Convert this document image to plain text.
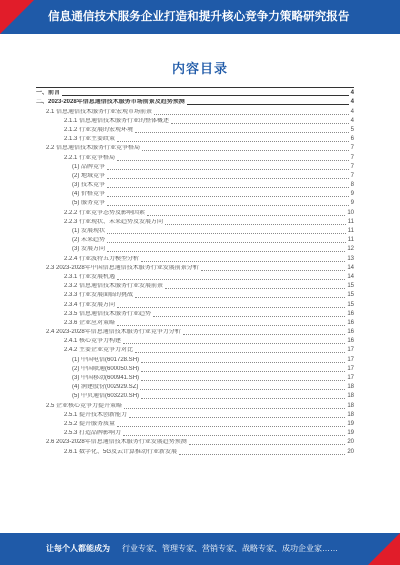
信息通信技术服务企业打造和提升核心竞争力策略研究报告
内容目录
一、前言	4
二、2023-2028年信息通信技术服务市场前景及趋势预测	4
2.1 信息通信技术服务行业宏观市场前景	4
2.1.1 信息通信技术服务行业的整体概述	4
2.1.2 行业发展的宏观环境	5
2.1.3 行业主要政策	6
2.2 信息通信技术服务行业竞争格局	7
2.2.1 行业竞争格局	7
(1) 品牌竞争	7
(2) 地域竞争	7
(3) 技术竞争	8
(4) 价格竞争	9
(5) 服务竞争	9
2.2.2 行业竞争态势及影响因素	10
2.2.3 行业现状、未来趋势及发展方向	11
(1) 发展现状	11
(2) 未来趋势	11
(3) 发展方向	12
2.2.4 行业波特五力模型分析	13
2.3 2023-2028年中国信息通信技术服务行业发展前景分析	14
2.3.1 行业发展机遇	14
2.3.2 信息通信技术服务行业发展前景	15
2.3.3 行业发展面临的挑战	15
2.3.4 行业发展方向	15
2.3.5 信息通信技术服务行业趋势	16
2.3.6 企业应对策略	16
2.4 2023-2028年信息通信技术服务行业竞争力分析	16
2.4.1 核心竞争力构建	16
2.4.2 主要企业竞争力对比	17
(1) 中国电信(601728.SH)	17
(2) 中国联通(600050.SH)	17
(3) 中国移动(600941.SH)	17
(4) 润建股份(002929.SZ)	18
(5) 中贝通信(603220.SH)	18
2.5 企业核心竞争力提升策略	18
2.5.1 提升技术创新能力	18
2.5.2 提升服务质量	19
2.5.3 打造品牌影响力	19
2.6 2023-2028年信息通信技术服务行业发展趋势预测	20
2.6.1 数字化、5G及云计算推动行业新发展	20
让每个人都能成为 行业专家、管理专家、营销专家、战略专家、成功企业家……
